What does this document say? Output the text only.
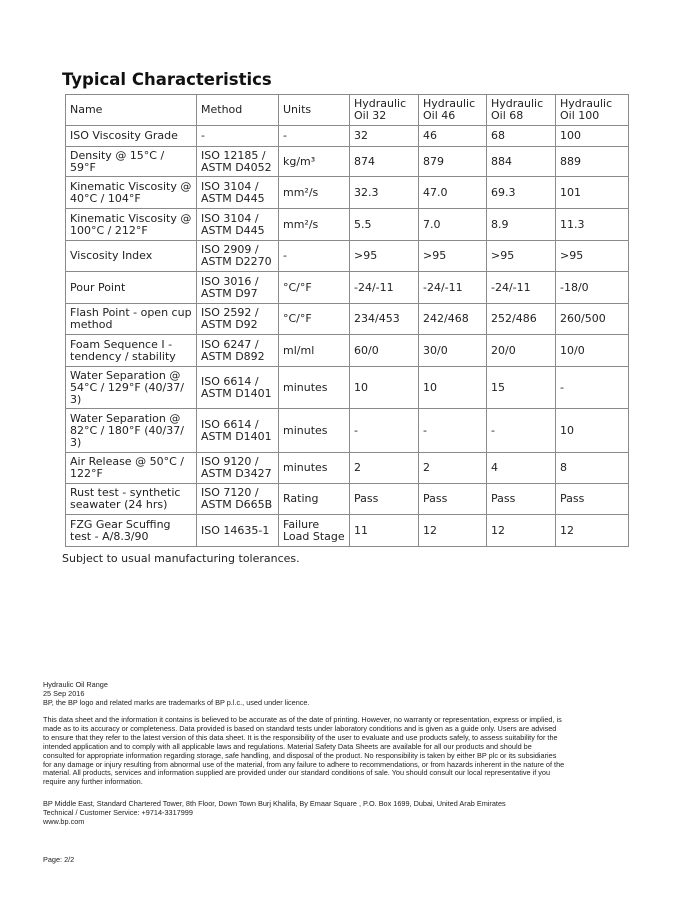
Typical Characteristics
Name	Method	Units	Hydraulic Oil 32	Hydraulic Oil 46	Hydraulic Oil 68	Hydraulic Oil 100
ISO Viscosity Grade	-	-	32	46	68	100
Density @ 15°C / 59°F	ISO 12185 / ASTM D4052	kg/m³	874	879	884	889
Kinematic Viscosity @ 40°C / 104°F	ISO 3104 / ASTM D445	mm²/s	32.3	47.0	69.3	101
Kinematic Viscosity @ 100°C / 212°F	ISO 3104 / ASTM D445	mm²/s	5.5	7.0	8.9	11.3
Viscosity Index	ISO 2909 / ASTM D2270	-	>95	>95	>95	>95
Pour Point	ISO 3016 / ASTM D97	°C/°F	-24/-11	-24/-11	-24/-11	-18/0
Flash Point - open cup method	ISO 2592 / ASTM D92	°C/°F	234/453	242/468	252/486	260/500
Foam Sequence I - tendency / stability	ISO 6247 / ASTM D892	ml/ml	60/0	30/0	20/0	10/0
Water Separation @ 54°C / 129°F (40/37/ 3)	ISO 6614 / ASTM D1401	minutes	10	10	15	-
Water Separation @ 82°C / 180°F (40/37/ 3)	ISO 6614 / ASTM D1401	minutes	-	-	-	10
Air Release @ 50°C / 122°F	ISO 9120 / ASTM D3427	minutes	2	2	4	8
Rust test - synthetic seawater (24 hrs)	ISO 7120 / ASTM D665B	Rating	Pass	Pass	Pass	Pass
FZG Gear Scuffing test - A/8.3/90	ISO 14635-1	Failure Load Stage	11	12	12	12
Subject to usual manufacturing tolerances.
Hydraulic Oil Range
25 Sep 2016
BP, the BP logo and related marks are trademarks of BP p.l.c., used under licence.
This data sheet and the information it contains is believed to be accurate as of the date of printing. However, no warranty or representation, express or implied, is
made as to its accuracy or completeness. Data provided is based on standard tests under laboratory conditions and is given as a guide only. Users are advised
to ensure that they refer to the latest version of this data sheet. It is the responsibility of the user to evaluate and use products safely, to assess suitability for the
intended application and to comply with all applicable laws and regulations. Material Safety Data Sheets are available for all our products and should be
consulted for appropriate information regarding storage, safe handling, and disposal of the product. No responsibility is taken by either BP plc or its subsidiaries
for any damage or injury resulting from abnormal use of the material, from any failure to adhere to recommendations, or from hazards inherent in the nature of the
material. All products, services and information supplied are provided under our standard conditions of sale. You should consult our local representative if you
require any further information.
BP Middle East, Standard Chartered Tower, 8th Floor, Down Town Burj Khalifa, By Emaar Square , P.O. Box 1699, Dubai, United Arab Emirates
Technical / Customer Service: +9714-3317999
www.bp.com
Page: 2/2
